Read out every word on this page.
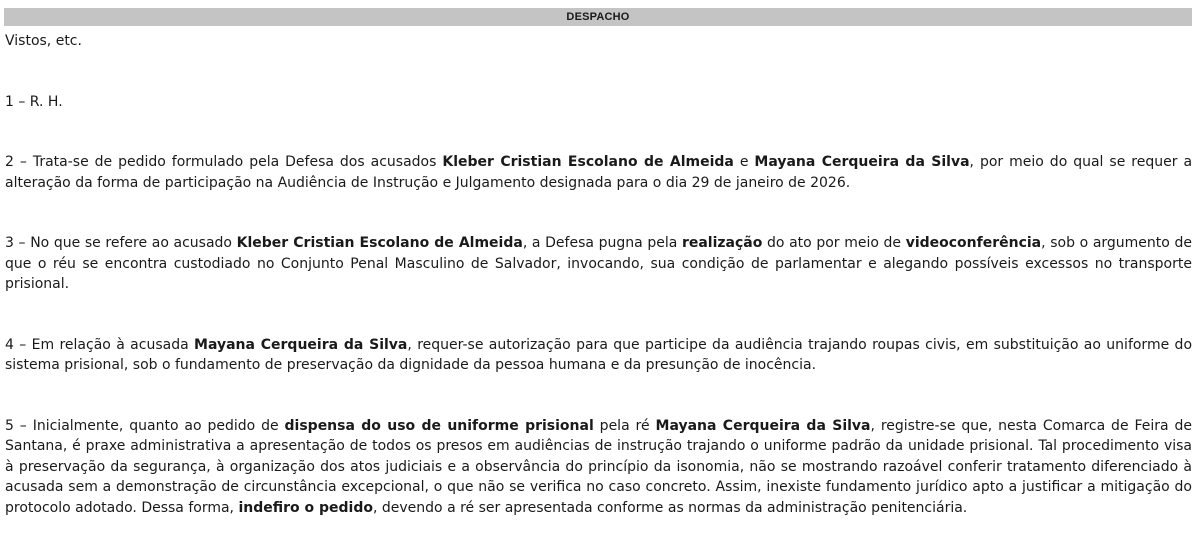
DESPACHO

Vistos, etc.

1 – R. H.

2 – Trata-se de pedido formulado pela Defesa dos acusados Kleber Cristian Escolano de Almeida e Mayana Cerqueira da Silva, por meio do qual se requer a alteração da forma de participação na Audiência de Instrução e Julgamento designada para o dia 29 de janeiro de 2026.

3 – No que se refere ao acusado Kleber Cristian Escolano de Almeida, a Defesa pugna pela realização do ato por meio de videoconferência, sob o argumento de que o réu se encontra custodiado no Conjunto Penal Masculino de Salvador, invocando, sua condição de parlamentar e alegando possíveis excessos no transporte prisional.

4 – Em relação à acusada Mayana Cerqueira da Silva, requer-se autorização para que participe da audiência trajando roupas civis, em substituição ao uniforme do sistema prisional, sob o fundamento de preservação da dignidade da pessoa humana e da presunção de inocência.

5 – Inicialmente, quanto ao pedido de dispensa do uso de uniforme prisional pela ré Mayana Cerqueira da Silva, registre-se que, nesta Comarca de Feira de Santana, é praxe administrativa a apresentação de todos os presos em audiências de instrução trajando o uniforme padrão da unidade prisional. Tal procedimento visa à preservação da segurança, à organização dos atos judiciais e a observância do princípio da isonomia, não se mostrando razoável conferir tratamento diferenciado à acusada sem a demonstração de circunstância excepcional, o que não se verifica no caso concreto. Assim, inexiste fundamento jurídico apto a justificar a mitigação do protocolo adotado. Dessa forma, indefiro o pedido, devendo a ré ser apresentada conforme as normas da administração penitenciária.
